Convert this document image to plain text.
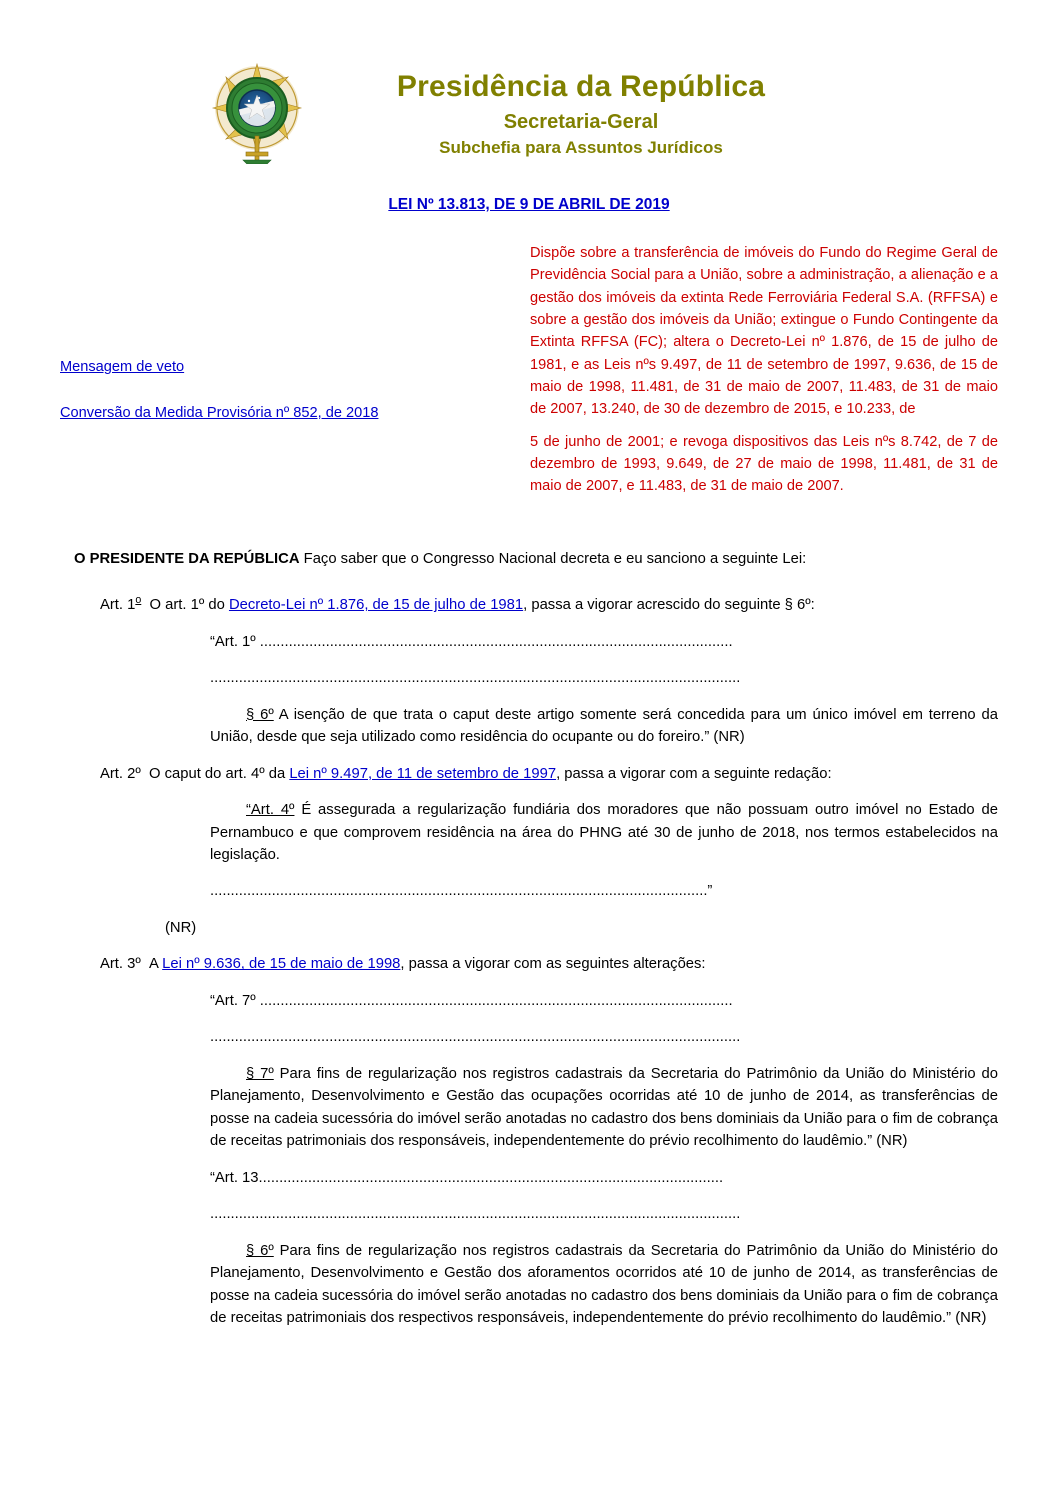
Presidência da República
Secretaria-Geral
Subchefia para Assuntos Jurídicos
LEI Nº 13.813, DE 9 DE ABRIL DE 2019
Mensagem de veto
Conversão da Medida Provisória nº 852, de 2018

Dispõe sobre a transferência de imóveis do Fundo do Regime Geral de Previdência Social para a União, sobre a administração, a alienação e a gestão dos imóveis da extinta Rede Ferroviária Federal S.A. (RFFSA) e sobre a gestão dos imóveis da União; extingue o Fundo Contingente da Extinta RFFSA (FC); altera o Decreto-Lei nº 1.876, de 15 de julho de 1981, e as Leis nºs 9.497, de 11 de setembro de 1997, 9.636, de 15 de maio de 1998, 11.481, de 31 de maio de 2007, 11.483, de 31 de maio de 2007, 13.240, de 30 de dezembro de 2015, e 10.233, de

5 de junho de 2001; e revoga dispositivos das Leis nºs 8.742, de 7 de dezembro de 1993, 9.649, de 27 de maio de 1998, 11.481, de 31 de maio de 2007, e 11.483, de 31 de maio de 2007.

O PRESIDENTE DA REPÚBLICA Faço saber que o Congresso Nacional decreta e eu sanciono a seguinte Lei:

Art. 1$^o$ O art. 1º do Decreto-Lei nº 1.876, de 15 de julho de 1981, passa a vigorar acrescido do seguinte § 6º:

“Art. 1º ...................................................................................................................

.................................................................................................................................

§ 6º A isenção de que trata o caput deste artigo somente será concedida para um único imóvel em terreno da União, desde que seja utilizado como residência do ocupante ou do foreiro.” (NR)

Art. 2º O caput do art. 4º da Lei nº 9.497, de 11 de setembro de 1997, passa a vigorar com a seguinte redação:

“Art. 4º É assegurada a regularização fundiária dos moradores que não possuam outro imóvel no Estado de Pernambuco e que comprovem residência na área do PHNG até 30 de junho de 2018, nos termos estabelecidos na legislação.

.........................................................................................................................”

(NR)

Art. 3º A Lei nº 9.636, de 15 de maio de 1998, passa a vigorar com as seguintes alterações:

“Art. 7º ...................................................................................................................

.................................................................................................................................

§ 7º Para fins de regularização nos registros cadastrais da Secretaria do Patrimônio da União do Ministério do Planejamento, Desenvolvimento e Gestão das ocupações ocorridas até 10 de junho de 2014, as transferências de posse na cadeia sucessória do imóvel serão anotadas no cadastro dos bens dominiais da União para o fim de cobrança de receitas patrimoniais dos responsáveis, independentemente do prévio recolhimento do laudêmio.” (NR)

“Art. 13.................................................................................................................

.................................................................................................................................

§ 6º Para fins de regularização nos registros cadastrais da Secretaria do Patrimônio da União do Ministério do Planejamento, Desenvolvimento e Gestão dos aforamentos ocorridos até 10 de junho de 2014, as transferências de posse na cadeia sucessória do imóvel serão anotadas no cadastro dos bens dominiais da União para o fim de cobrança de receitas patrimoniais dos respectivos responsáveis, independentemente do prévio recolhimento do laudêmio.” (NR)
